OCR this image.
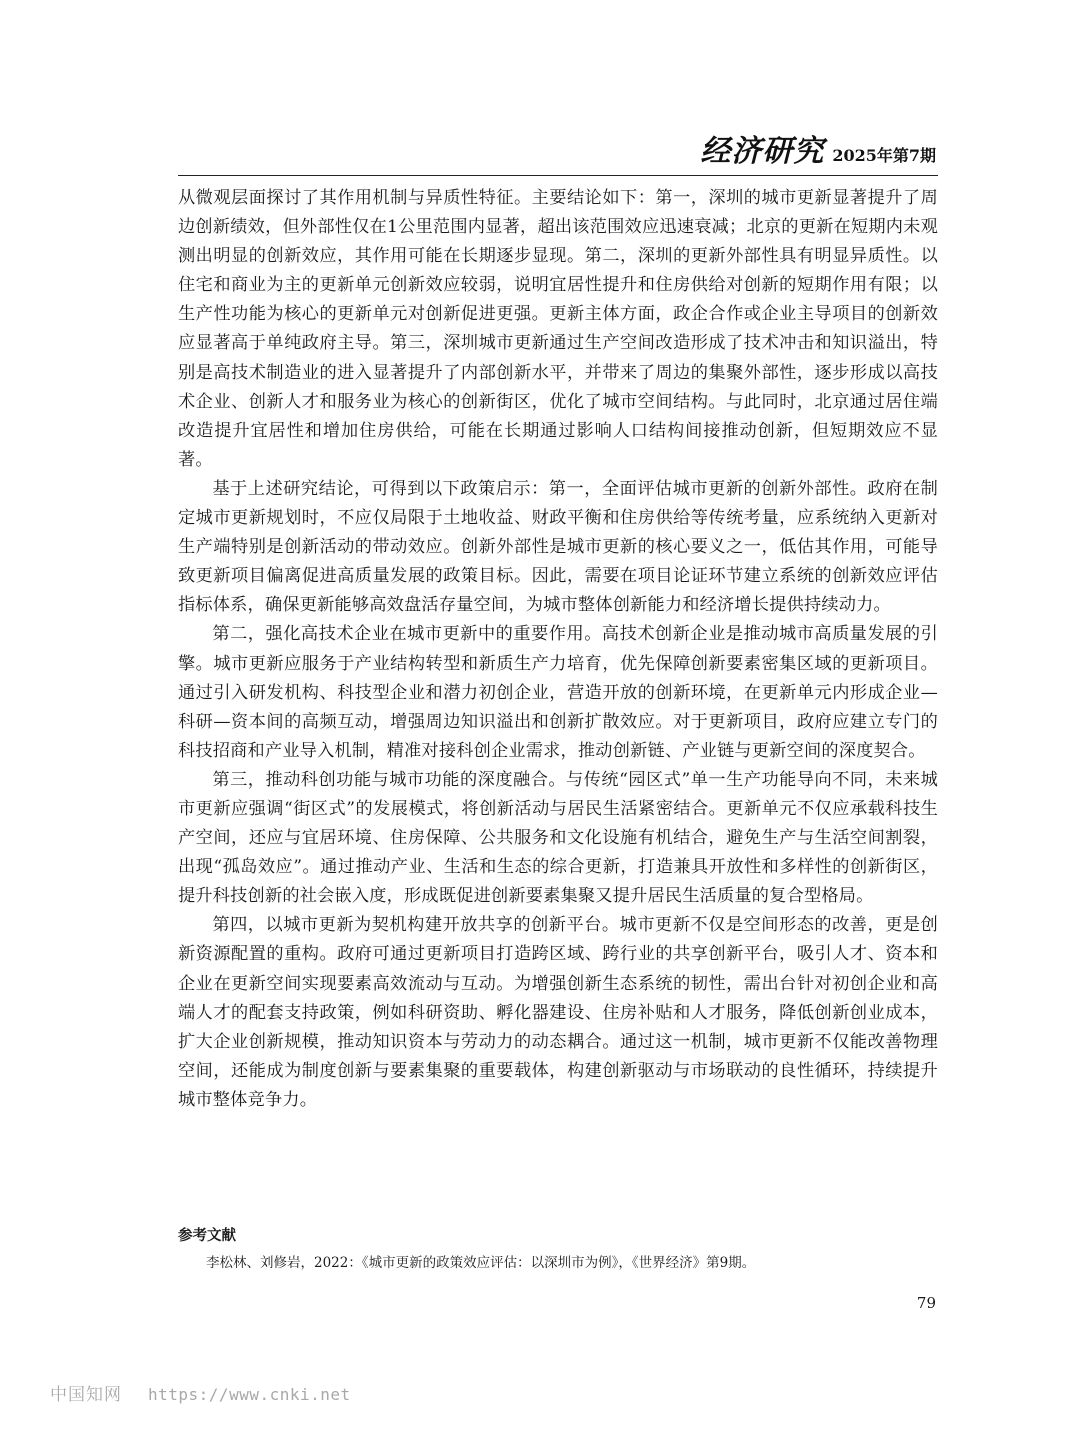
经济研究 2025年第7期

从微观层面探讨了其作用机制与异质性特征。主要结论如下：第一，深圳的城市更新显著提升了周边创新绩效，但外部性仅在1公里范围内显著，超出该范围效应迅速衰减；北京的更新在短期内未观测出明显的创新效应，其作用可能在长期逐步显现。第二，深圳的更新外部性具有明显异质性。以住宅和商业为主的更新单元创新效应较弱，说明宜居性提升和住房供给对创新的短期作用有限；以生产性功能为核心的更新单元对创新促进更强。更新主体方面，政企合作或企业主导项目的创新效应显著高于单纯政府主导。第三，深圳城市更新通过生产空间改造形成了技术冲击和知识溢出，特别是高技术制造业的进入显著提升了内部创新水平，并带来了周边的集聚外部性，逐步形成以高技术企业、创新人才和服务业为核心的创新街区，优化了城市空间结构。与此同时，北京通过居住端改造提升宜居性和增加住房供给，可能在长期通过影响人口结构间接推动创新，但短期效应不显著。

基于上述研究结论，可得到以下政策启示：第一，全面评估城市更新的创新外部性。政府在制定城市更新规划时，不应仅局限于土地收益、财政平衡和住房供给等传统考量，应系统纳入更新对生产端特别是创新活动的带动效应。创新外部性是城市更新的核心要义之一，低估其作用，可能导致更新项目偏离促进高质量发展的政策目标。因此，需要在项目论证环节建立系统的创新效应评估指标体系，确保更新能够高效盘活存量空间，为城市整体创新能力和经济增长提供持续动力。

第二，强化高技术企业在城市更新中的重要作用。高技术创新企业是推动城市高质量发展的引擎。城市更新应服务于产业结构转型和新质生产力培育，优先保障创新要素密集区域的更新项目。通过引入研发机构、科技型企业和潜力初创企业，营造开放的创新环境，在更新单元内形成企业—科研—资本间的高频互动，增强周边知识溢出和创新扩散效应。对于更新项目，政府应建立专门的科技招商和产业导入机制，精准对接科创企业需求，推动创新链、产业链与更新空间的深度契合。

第三，推动科创功能与城市功能的深度融合。与传统“园区式”单一生产功能导向不同，未来城市更新应强调“街区式”的发展模式，将创新活动与居民生活紧密结合。更新单元不仅应承载科技生产空间，还应与宜居环境、住房保障、公共服务和文化设施有机结合，避免生产与生活空间割裂，出现“孤岛效应”。通过推动产业、生活和生态的综合更新，打造兼具开放性和多样性的创新街区，提升科技创新的社会嵌入度，形成既促进创新要素集聚又提升居民生活质量的复合型格局。

第四，以城市更新为契机构建开放共享的创新平台。城市更新不仅是空间形态的改善，更是创新资源配置的重构。政府可通过更新项目打造跨区域、跨行业的共享创新平台，吸引人才、资本和企业在更新空间实现要素高效流动与互动。为增强创新生态系统的韧性，需出台针对初创企业和高端人才的配套支持政策，例如科研资助、孵化器建设、住房补贴和人才服务，降低创新创业成本，扩大企业创新规模，推动知识资本与劳动力的动态耦合。通过这一机制，城市更新不仅能改善物理空间，还能成为制度创新与要素集聚的重要载体，构建创新驱动与市场联动的良性循环，持续提升城市整体竞争力。

参考文献
李松林、刘修岩，2022：《城市更新的政策效应评估：以深圳市为例》，《世界经济》第9期。
79
中国知网 https://www.cnki.net
